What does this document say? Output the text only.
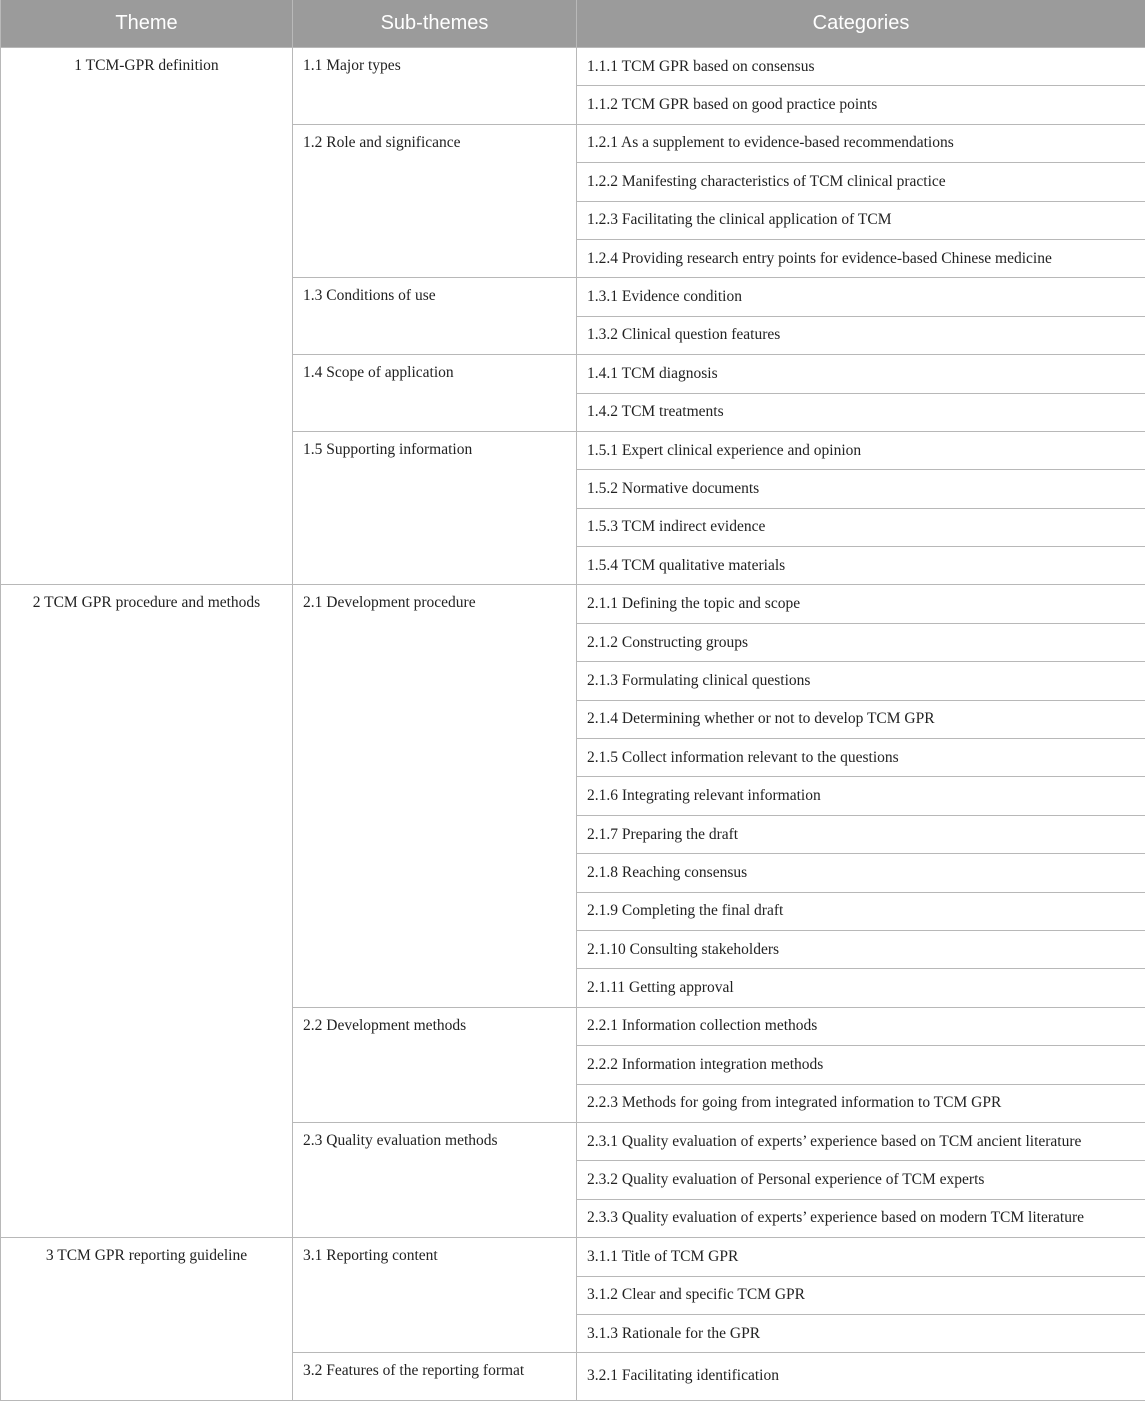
Theme	Sub-themes	Categories
1 TCM-GPR definition	1.1 Major types	1.1.1 TCM GPR based on consensus
		1.1.2 TCM GPR based on good practice points
	1.2 Role and significance	1.2.1 As a supplement to evidence-based recommendations
		1.2.2 Manifesting characteristics of TCM clinical practice
		1.2.3 Facilitating the clinical application of TCM
		1.2.4 Providing research entry points for evidence-based Chinese medicine
	1.3 Conditions of use	1.3.1 Evidence condition
		1.3.2 Clinical question features
	1.4 Scope of application	1.4.1 TCM diagnosis
		1.4.2 TCM treatments
	1.5 Supporting information	1.5.1 Expert clinical experience and opinion
		1.5.2 Normative documents
		1.5.3 TCM indirect evidence
		1.5.4 TCM qualitative materials
2 TCM GPR procedure and methods	2.1 Development procedure	2.1.1 Defining the topic and scope
		2.1.2 Constructing groups
		2.1.3 Formulating clinical questions
		2.1.4 Determining whether or not to develop TCM GPR
		2.1.5 Collect information relevant to the questions
		2.1.6 Integrating relevant information
		2.1.7 Preparing the draft
		2.1.8 Reaching consensus
		2.1.9 Completing the final draft
		2.1.10 Consulting stakeholders
		2.1.11 Getting approval
	2.2 Development methods	2.2.1 Information collection methods
		2.2.2 Information integration methods
		2.2.3 Methods for going from integrated information to TCM GPR
	2.3 Quality evaluation methods	2.3.1 Quality evaluation of experts’ experience based on TCM ancient literature
		2.3.2 Quality evaluation of Personal experience of TCM experts
		2.3.3 Quality evaluation of experts’ experience based on modern TCM literature
3 TCM GPR reporting guideline	3.1 Reporting content	3.1.1 Title of TCM GPR
		3.1.2 Clear and specific TCM GPR
		3.1.3 Rationale for the GPR
	3.2 Features of the reporting format	3.2.1 Facilitating identification
